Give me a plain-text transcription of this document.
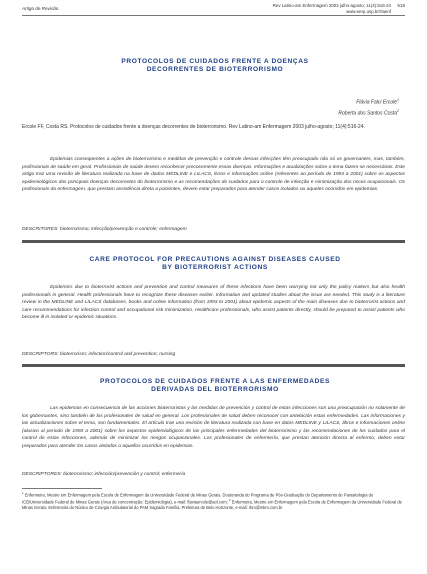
Artigo de Revisão
Rev Latino-am Enfermagem 2003 julho-agosto; 11(4):516-24
www.eerp.usp.br/rlaenf
516
PROTOCOLOS DE CUIDADOS FRENTE A DOENÇAS
DECORRENTES DE BIOTERRORISMO
Flávia Falci Ercole$^1$
Roberta dos Santos Costa$^2$
Ercole FF, Costa RS. Protocolos de cuidados frente a doenças decorrentes de bioterrorismo. Rev Latino-am Enfermagem 2003 julho-agosto; 11(4):516-24.
Epidemias conseqüentes a ações de bioterrorismo e medidas de prevenção e controle dessas infecções têm preocupado não só os governantes, mas, também, profissionais de saúde em geral. Profissionais de saúde devem reconhecer precocemente essas doenças. Informações e atualizações sobre o tema fazem-se necessárias. Este artigo traz uma revisão de literatura realizada na base de dados MEDLINE e LILACS, livros e informações online (referentes ao período de 1993 a 2001) sobre os aspectos epidemiológicos das principais doenças decorrentes do bioterrorismo e as recomendações de cuidados para o controle de infecção e minimização dos riscos ocupacionais. Os profissionais da enfermagem, que prestam assistência direta a pacientes, devem estar preparados para atender casos isolados ou aqueles ocorridos em epidemias.
DESCRITORES: bioterrorismo; infecção/prevenção e controle; enfermagem
CARE PROTOCOL FOR PRECAUTIONS AGAINST DISEASES CAUSED
BY BIOTERRORIST ACTIONS
Epidemics due to bioterrorist actions and prevention and control measures of these infections have been worrying not only the policy makers but also health professionals in general. Health professionals have to recognize these diseases earlier. Information and updated studies about the issue are needed. This study is a literature review in the MEDLINE and LILACS databases, books and online information (from 1993 to 2001) about epidemic aspects of the main diseases due to bioterrorist actions and care recommendations for infection control and occupational risk minimization. Healthcare professionals, who assist patients directly, should be prepared to assist patients who become ill in isolated or epidemic situations.
DESCRIPTORS: bioterrorism; infection/control and prevention; nursing
PROTOCOLOS DE CUIDADOS FRENTE A LAS ENFERMEDADES
DERIVADAS DEL BIOTERRORISMO
Las epidemias en consecuencia de las acciones bioterroristas y las medidas de prevención y control de estas infecciones son una preocupación no solamente de los gobernantes, sino también de los profesionales de salud en general. Los profesionales de salud deben reconocer con antelación estas enfermedades. Las informaciones y las actualizaciones sobre el tema, son fundamentales. El artículo trae una revisión de literatura realizada con base en datos MEDLINE y LILACS, libros e informaciones online (alusivo al periodo de 1993 a 2001) sobre los aspectos epidemiológicos de las principales enfermedades del bioterrorismo y las recomendaciones de los cuidados para el control de estas infecciones, además de minimizar los riesgos ocupacionales. Los profesionales de enfermería, que prestan atención directa al enfermo, deben estar preparados para atender los casos aislados o aquellos ocurridos en epidemias.
DESCRIPTORES: bioterrorismo; infección/prevención y control; enfermería
$^1$ Enfermeira, Mestre em Enfermagem pela Escola de Enfermagem da Universidade Federal de Minas Gerais, Doutoranda do Programa de Pós-Graduação do Departamento de Parasitologia do ICB/Universidade Federal de Minas Gerais (Área de concentração: Epidemiologia), e-mail: flaviaercole@aol.com; $^2$ Enfermeira, Mestre em Enfermagem pela Escola de Enfermagem da Universidade Federal de Minas Gerais, Enfermeira do Núcleo de Cirurgia Ambulatorial do PAM Sagrada Família, Prefeitura de Belo Horizonte, e-mail: rbm@mkm.com.br
